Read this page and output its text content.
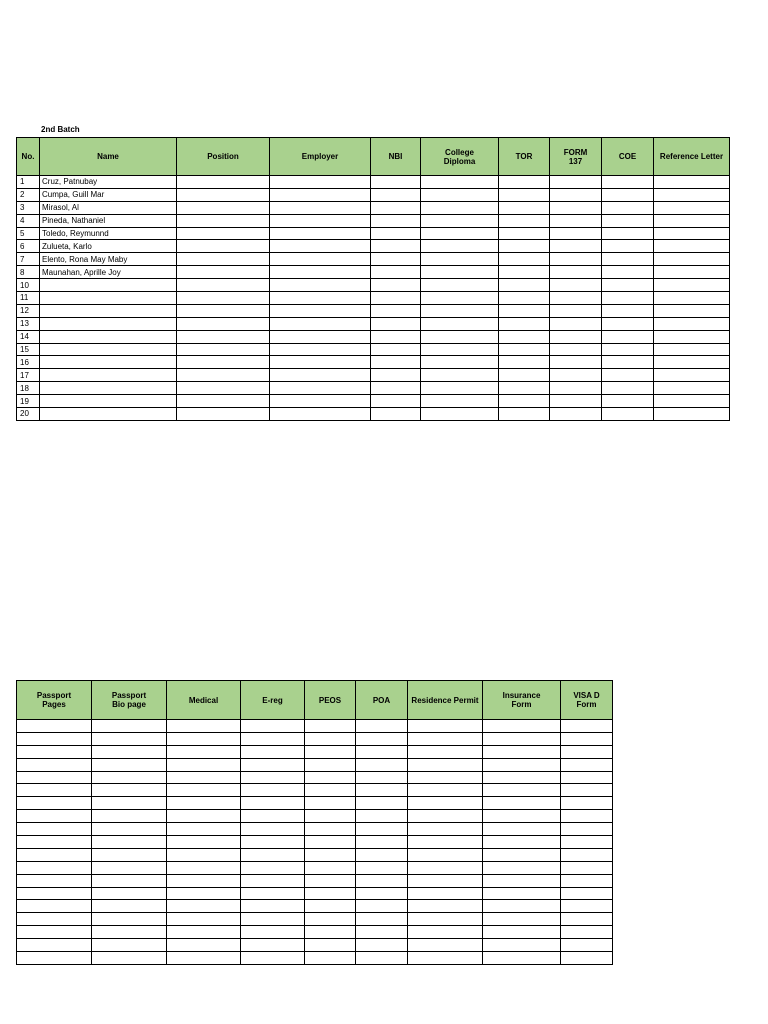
2nd Batch
No.	Name	Position	Employer	NBI	College Diploma	TOR	FORM 137	COE	Reference Letter
1	Cruz, Patnubay								
2	Cumpa, Guill Mar								
3	Mirasol, Al								
4	Pineda, Nathaniel								
5	Toledo, Reymunnd								
6	Zulueta, Karlo								
7	Elento, Rona May Maby								
8	Maunahan, Aprille Joy								
10									
11									
12									
13									
14									
15									
16									
17									
18									
19									
20									
Passport Pages	Passport Bio page	Medical	E-reg	PEOS	POA	Residence Permit	Insurance Form	VISA D Form
